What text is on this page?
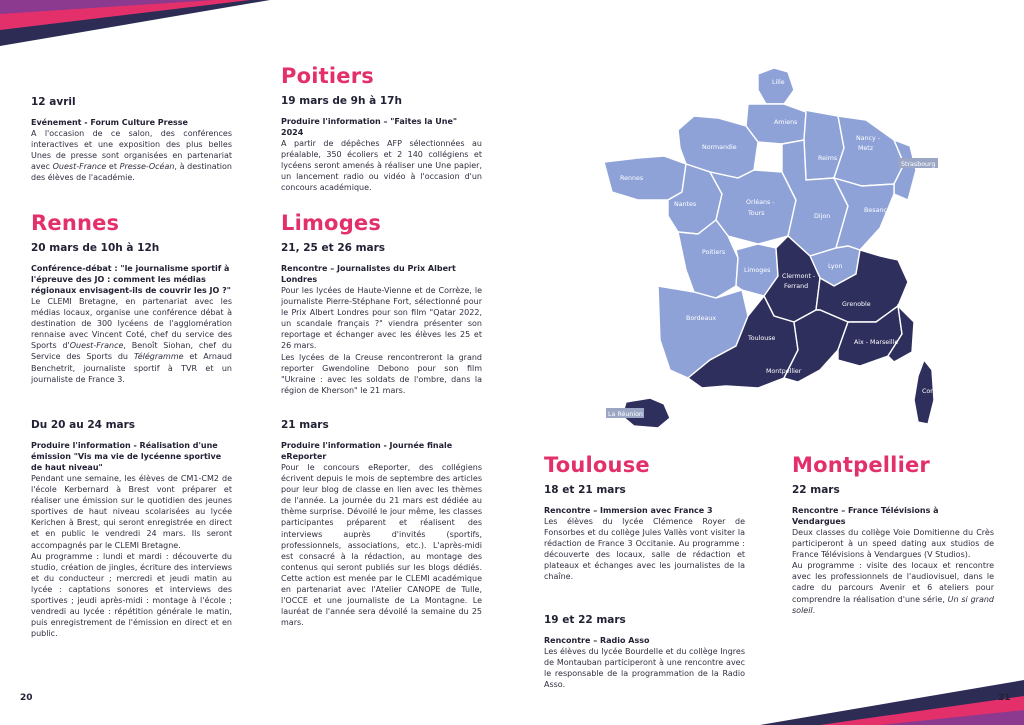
12 avril
Evénement - Forum Culture Presse

A l'occasion de ce salon, des conférences interactives et une exposition des plus belles Unes de presse sont organisées en partenariat avec Ouest-France et Presse-Océan, à destination des élèves de l'académie.

Rennes
20 mars de 10h à 12h
Conférence-débat : "le journalisme sportif à l'épreuve des JO : comment les médias régionaux envisagent-ils de couvrir les JO ?"

Le CLEMI Bretagne, en partenariat avec les médias locaux, organise une conférence débat à destination de 300 lycéens de l'agglomération rennaise avec Vincent Coté, chef du service des Sports d'Ouest-France, Benoît Siohan, chef du Service des Sports du Télégramme et Arnaud Benchetrit, journaliste sportif à TVR et un journaliste de France 3.

Du 20 au 24 mars
Produire l'information - Réalisation d'une émission "Vis ma vie de lycéenne sportive de haut niveau"

Pendant une semaine, les élèves de CM1-CM2 de l'école Kerbernard à Brest vont préparer et réaliser une émission sur le quotidien des jeunes sportives de haut niveau scolarisées au lycée Kerichen à Brest, qui seront enregistrée en direct et en public le vendredi 24 mars. Ils seront accompagnés par le CLEMI Bretagne.

Au programme : lundi et mardi : découverte du studio, création de jingles, écriture des interviews et du conducteur ; mercredi et jeudi matin au lycée : captations sonores et interviews des sportives ; jeudi après-midi : montage à l'école ; vendredi au lycée : répétition générale le matin, puis enregistrement de l'émission en direct et en public.

20
Poitiers
19 mars de 9h à 17h
Produire l'information – "Faites la Une" 2024

A partir de dépêches AFP sélectionnées au préalable, 350 écoliers et 2 140 collégiens et lycéens seront amenés à réaliser une Une papier, un lancement radio ou vidéo à l'occasion d'un concours académique.

Limoges
21, 25 et 26 mars
Rencontre – Journalistes du Prix Albert Londres

Pour les lycées de Haute-Vienne et de Corrèze, le journaliste Pierre-Stéphane Fort, sélectionné pour le Prix Albert Londres pour son film "Qatar 2022, un scandale français ?" viendra présenter son reportage et échanger avec les élèves les 25 et 26 mars.

Les lycées de la Creuse rencontreront la grand reporter Gwendoline Debono pour son film "Ukraine : avec les soldats de l'ombre, dans la région de Kherson" le 21 mars.

21 mars
Produire l'information - Journée finale eReporter

Pour le concours eReporter, des collégiens écrivent depuis le mois de septembre des articles pour leur blog de classe en lien avec les thèmes de l'année. La journée du 21 mars est dédiée au thème surprise. Dévoilé le jour même, les classes participantes préparent et réalisent des interviews auprès d'invités (sportifs, professionnels, associations, etc.). L'après-midi est consacré à la rédaction, au montage des contenus qui seront publiés sur les blogs dédiés. Cette action est menée par le CLEMI académique en partenariat avec l'Atelier CANOPE de Tulle, l'OCCE et une journaliste de La Montagne. Le lauréat de l'année sera dévoilé la semaine du 25 mars.

Lille
Amiens
Normandie
Reims
Nancy -
Metz
Strasbourg
Rennes
Nantes	Orléans -
Tours	Dijon
Besançon
Poitiers
Limoges
Clermont -
Ferrand
Lyon
Grenoble
Bordeaux
Toulouse
Aix - Marseille
Nice
Montpellier
Corse
La Réunion
Toulouse
18 et 21 mars
Rencontre – Immersion avec France 3

Les élèves du lycée Clémence Royer de Fonsorbes et du collège Jules Vallès vont visiter la rédaction de France 3 Occitanie. Au programme : découverte des locaux, salle de rédaction et plateaux et échanges avec les journalistes de la chaîne.

19 et 22 mars
Rencontre – Radio Asso

Les élèves du lycée Bourdelle et du collège Ingres de Montauban participeront à une rencontre avec le responsable de la programmation de la Radio Asso.

Montpellier
22 mars
Rencontre – France Télévisions à Vendargues

Deux classes du collège Voie Domitienne du Crès participeront à un speed dating aux studios de France Télévisions à Vendargues (V Studios).

Au programme : visite des locaux et rencontre avec les professionnels de l'audiovisuel, dans le cadre du parcours Avenir et 6 ateliers pour comprendre la réalisation d'une série, Un si grand soleil.

21
